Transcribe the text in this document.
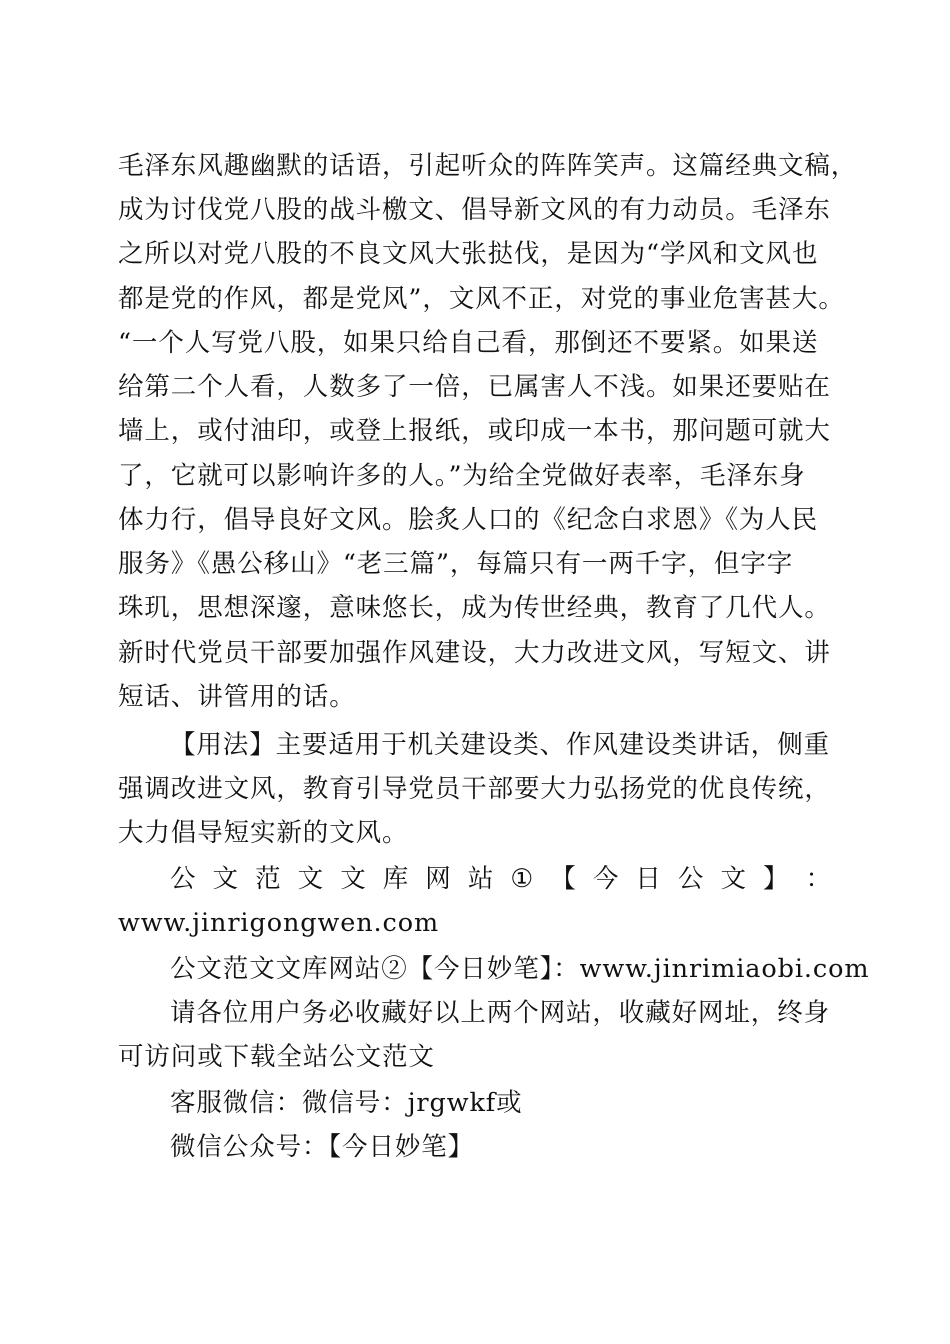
毛泽东风趣幽默的话语，引起听众的阵阵笑声。这篇经典文稿，
成为讨伐党八股的战斗檄文、倡导新文风的有力动员。毛泽东
之所以对党八股的不良文风大张挞伐，是因为“学风和文风也
都是党的作风，都是党风”，文风不正，对党的事业危害甚大。
“一个人写党八股，如果只给自己看，那倒还不要紧。如果送
给第二个人看，人数多了一倍，已属害人不浅。如果还要贴在
墙上，或付油印，或登上报纸，或印成一本书，那问题可就大
了，它就可以影响许多的人。”为给全党做好表率，毛泽东身
体力行，倡导良好文风。脍炙人口的《纪念白求恩》《为人民
服务》《愚公移山》“老三篇”，每篇只有一两千字，但字字
珠玑，思想深邃，意味悠长，成为传世经典，教育了几代人。
新时代党员干部要加强作风建设，大力改进文风，写短文、讲
短话、讲管用的话。
【用法】主要适用于机关建设类、作风建设类讲话，侧重
强调改进文风，教育引导党员干部要大力弘扬党的优良传统，
大力倡导短实新的文风。
公 文 范 文 文 库 网 站 ① 【 今 日 公 文 】 ：
www.jinrigongwen.com
公文范文文库网站②【今日妙笔】：www.jinrimiaobi.com
请各位用户务必收藏好以上两个网站，收藏好网址，终身
可访问或下载全站公文范文
客服微信：微信号：jrgwkf或
微信公众号：【今日妙笔】
